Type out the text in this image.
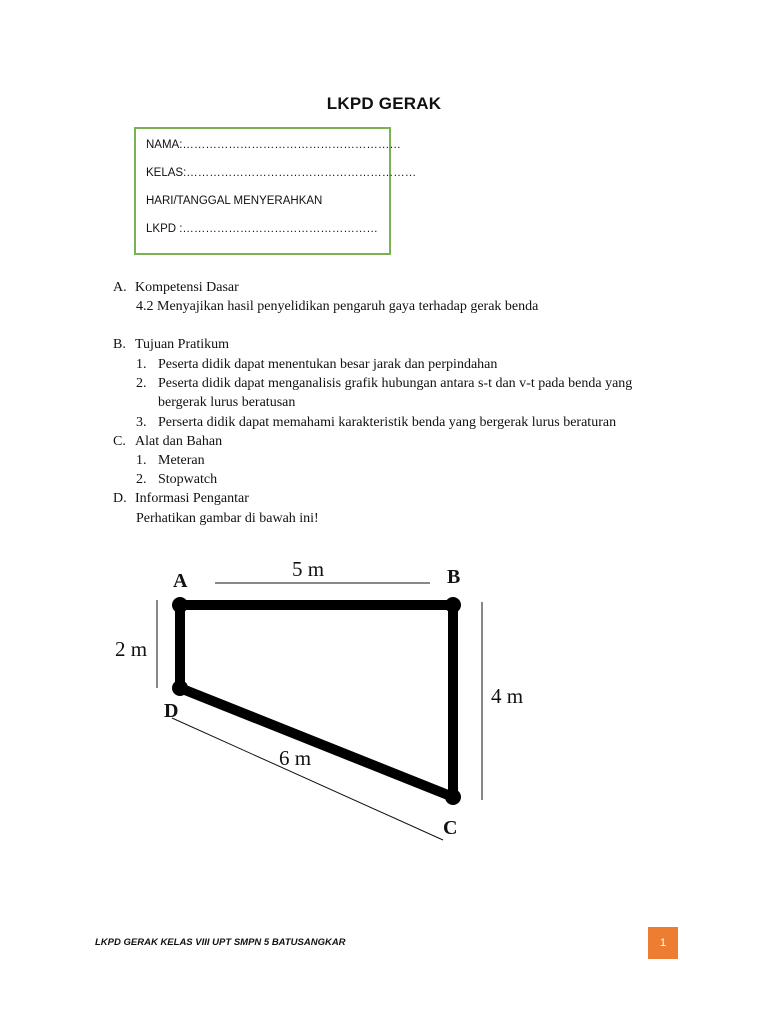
LKPD GERAK
NAMA:…………………………………………………
KELAS:……………………………………………………
HARI/TANGGAL MENYERAHKAN
LKPD :……………………………………………
A. Kompetensi Dasar
4.2 Menyajikan hasil penyelidikan pengaruh gaya terhadap gerak benda
B. Tujuan Pratikum
1. Peserta didik dapat menentukan besar jarak dan perpindahan
2. Peserta didik dapat menganalisis grafik hubungan antara s-t dan v-t pada benda yang
bergerak lurus beratusan
3. Perserta didik dapat memahami karakteristik benda yang bergerak lurus beraturan
C. Alat dan Bahan
1. Meteran
2. Stopwatch
D. Informasi Pengantar
Perhatikan gambar di bawah ini!
A	B
C
D
5 m
2 m
4 m
6 m
LKPD GERAK KELAS VIII UPT SMPN 5 BATUSANGKAR	1
